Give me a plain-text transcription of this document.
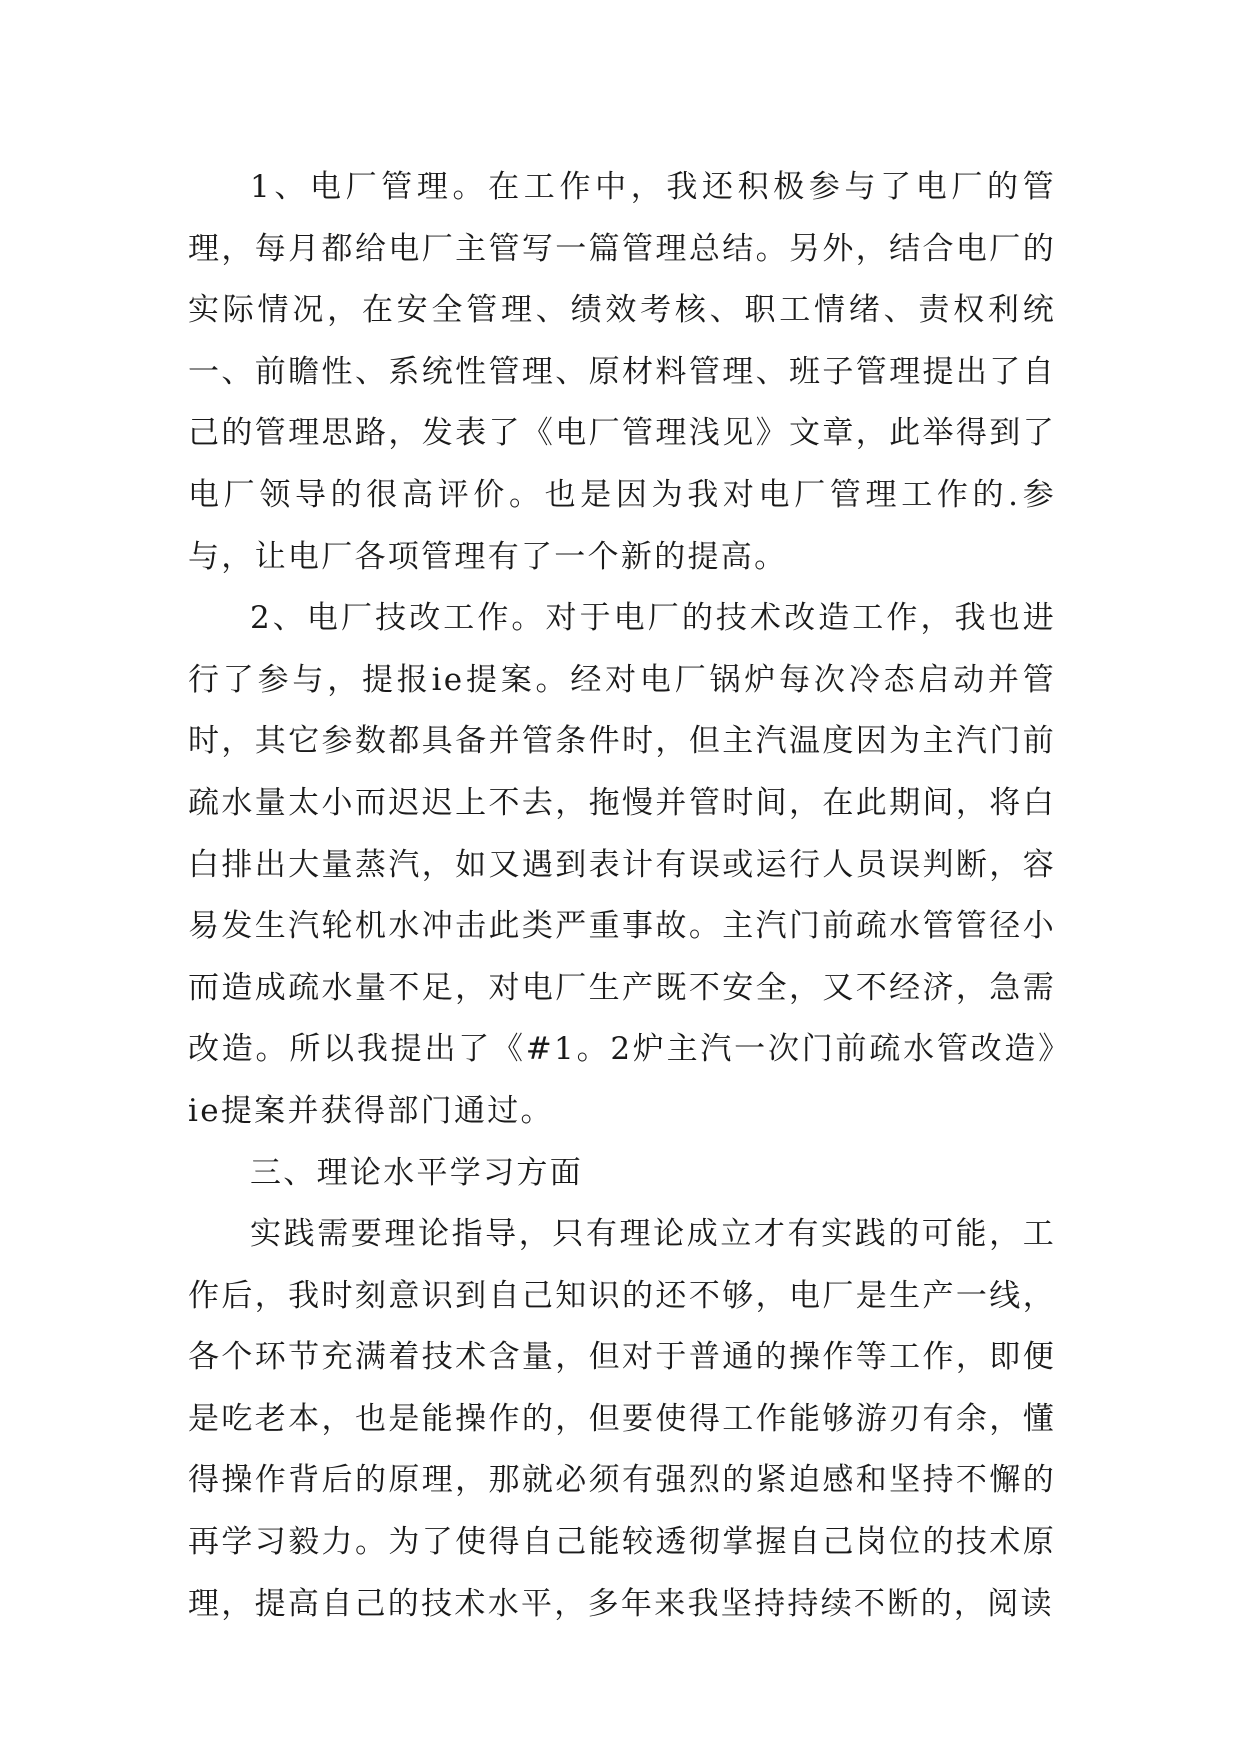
1、电厂管理。在工作中，我还积极参与了电厂的管理，每月都给电厂主管写一篇管理总结。另外，结合电厂的实际情况，在安全管理、绩效考核、职工情绪、责权利统一、前瞻性、系统性管理、原材料管理、班子管理提出了自己的管理思路，发表了《电厂管理浅见》文章，此举得到了电厂领导的很高评价。也是因为我对电厂管理工作的.参与，让电厂各项管理有了一个新的提高。

2、电厂技改工作。对于电厂的技术改造工作，我也进行了参与，提报ie提案。经对电厂锅炉每次冷态启动并管时，其它参数都具备并管条件时，但主汽温度因为主汽门前疏水量太小而迟迟上不去，拖慢并管时间，在此期间，将白白排出大量蒸汽，如又遇到表计有误或运行人员误判断，容易发生汽轮机水冲击此类严重事故。主汽门前疏水管管径小而造成疏水量不足，对电厂生产既不安全，又不经济，急需改造。所以我提出了《#1。2炉主汽一次门前疏水管改造》ie提案并获得部门通过。

三、理论水平学习方面

实践需要理论指导，只有理论成立才有实践的可能，工作后，我时刻意识到自己知识的还不够，电厂是生产一线，各个环节充满着技术含量，但对于普通的操作等工作，即便是吃老本，也是能操作的，但要使得工作能够游刃有余，懂得操作背后的原理，那就必须有强烈的紧迫感和坚持不懈的再学习毅力。为了使得自己能较透彻掌握自己岗位的技术原理，提高自己的技术水平，多年来我坚持持续不断的，阅读
